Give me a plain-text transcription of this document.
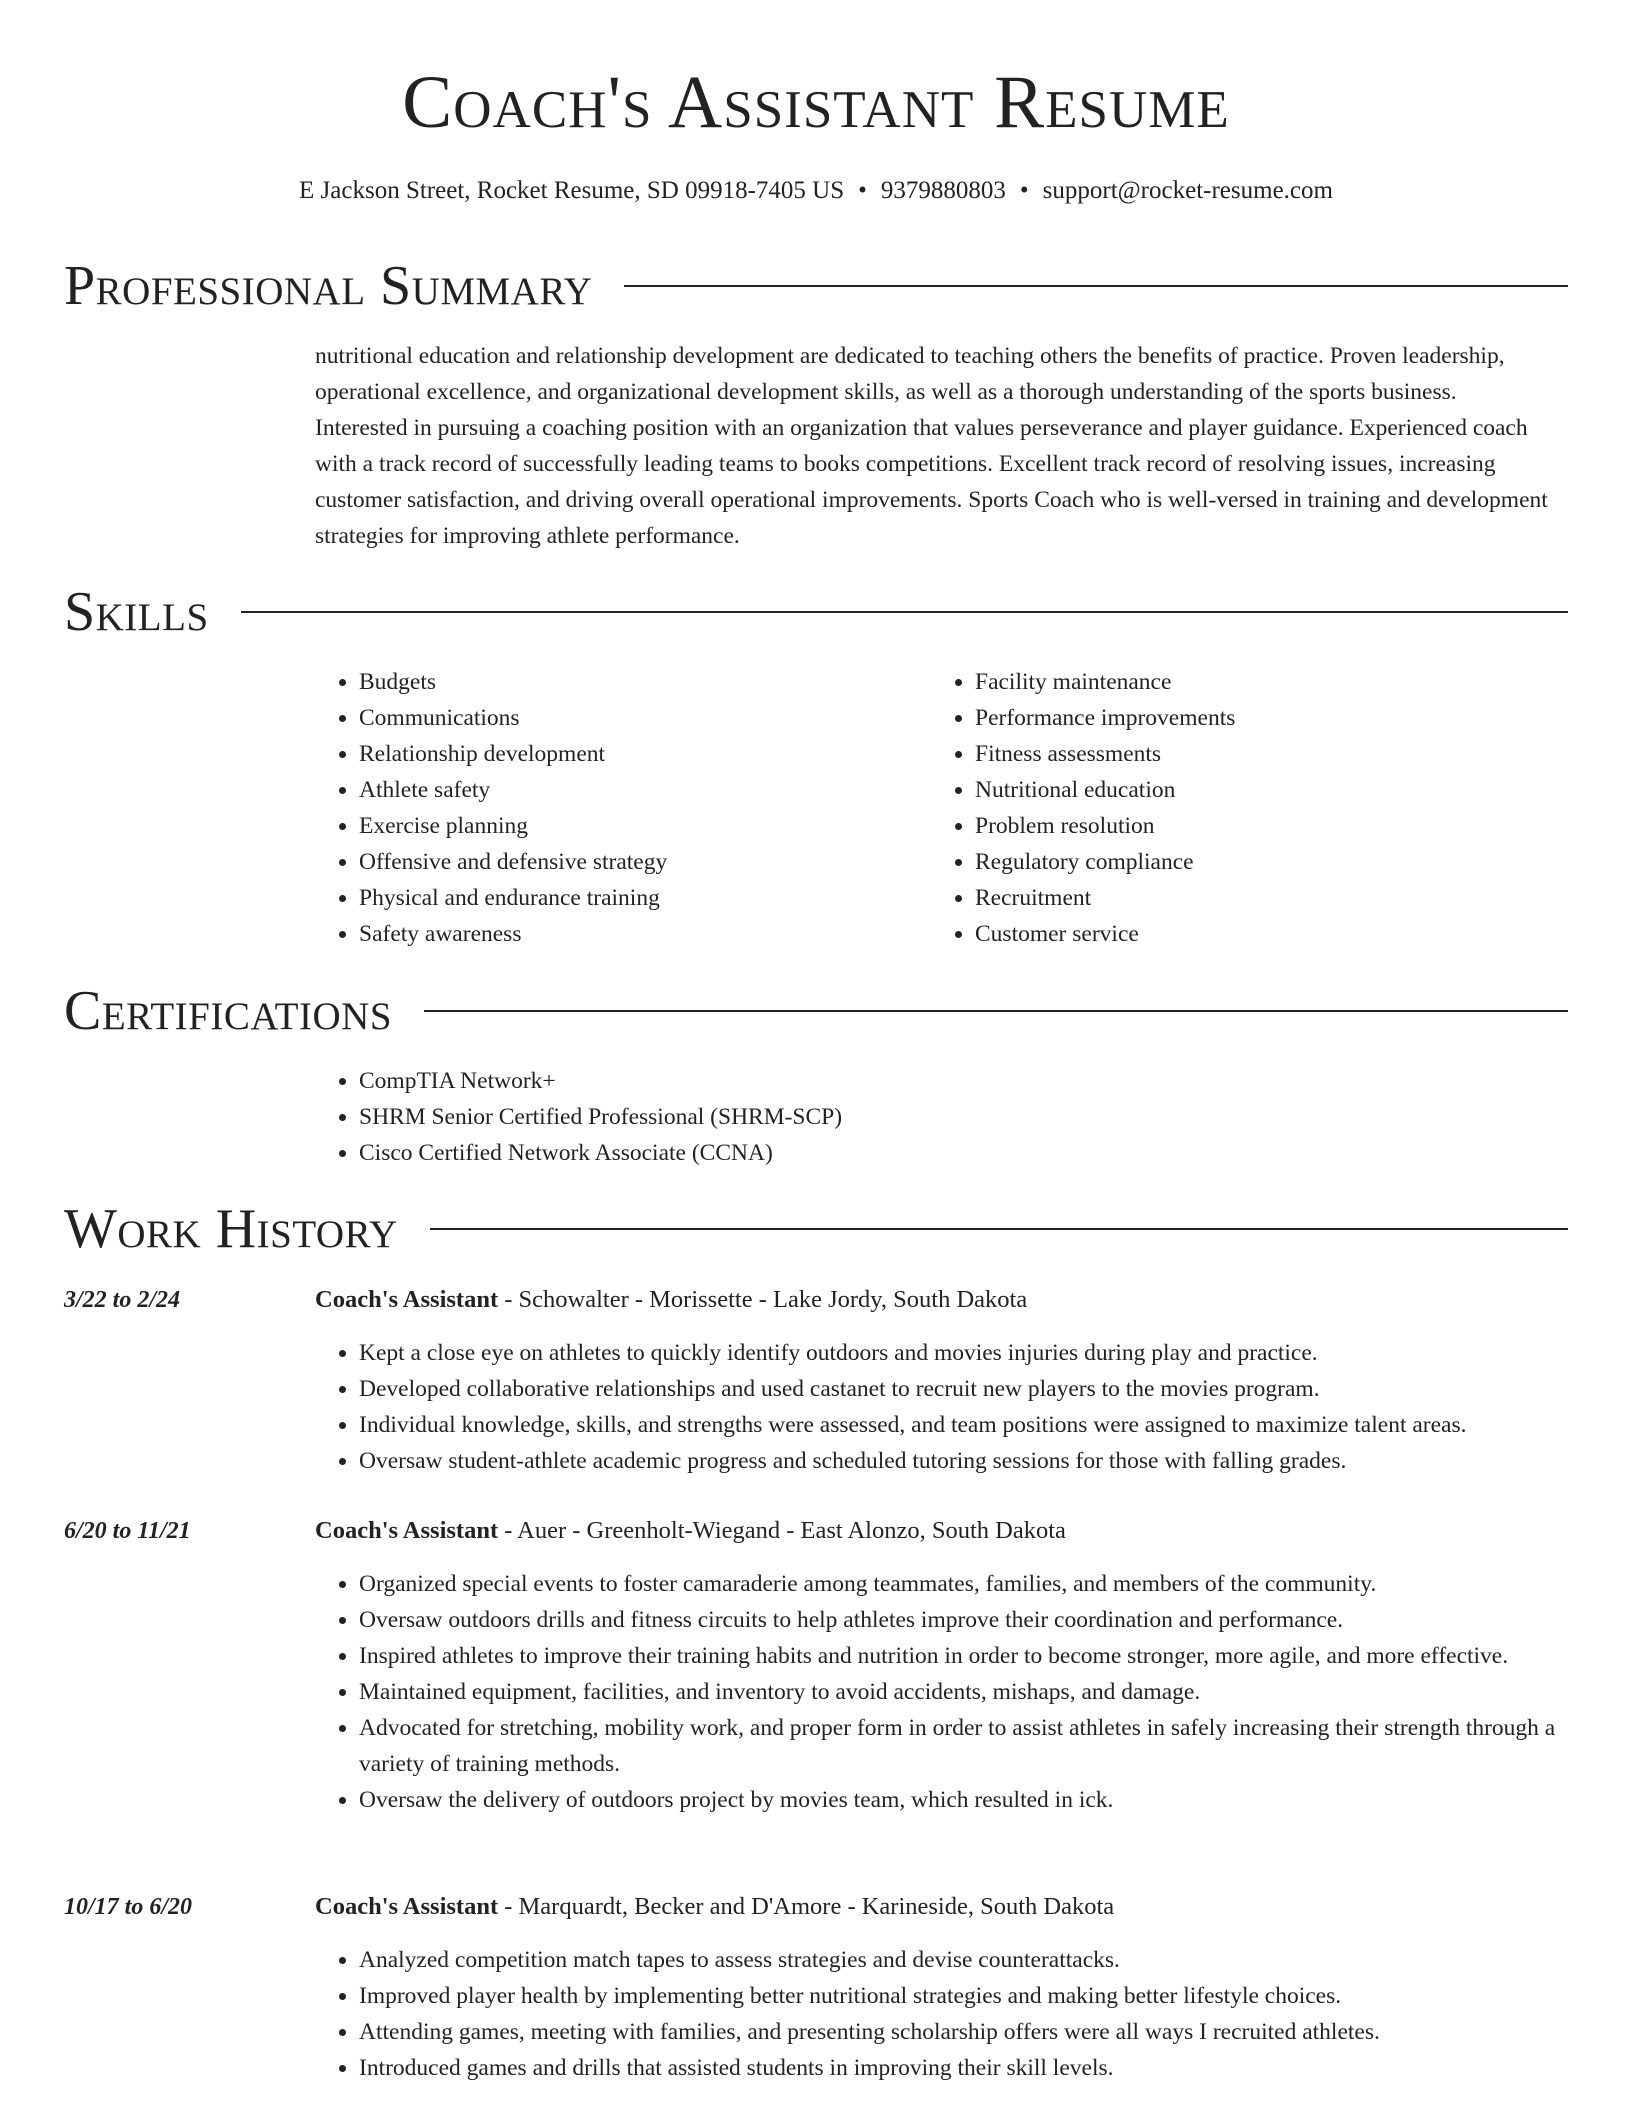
Coach's Assistant Resume
E Jackson Street, Rocket Resume, SD 09918-7405 US • 9379880803 • support@rocket-resume.com
Professional Summary

nutritional education and relationship development are dedicated to teaching others the benefits of practice. Proven leadership, operational excellence, and organizational development skills, as well as a thorough understanding of the sports business. Interested in pursuing a coaching position with an organization that values perseverance and player guidance. Experienced coach with a track record of successfully leading teams to books competitions. Excellent track record of resolving issues, increasing customer satisfaction, and driving overall operational improvements. Sports Coach who is well-versed in training and development strategies for improving athlete performance.

Skills
• Budgets
• Communications
• Relationship development
• Athlete safety
• Exercise planning
• Offensive and defensive strategy
• Physical and endurance training
• Safety awareness
• Facility maintenance
• Performance improvements
• Fitness assessments
• Nutritional education
• Problem resolution
• Regulatory compliance
• Recruitment
• Customer service
Certifications
• CompTIA Network+
• SHRM Senior Certified Professional (SHRM-SCP)
• Cisco Certified Network Associate (CCNA)
Work History
3/22 to 2/24	Coach's Assistant - Schowalter - Morissette - Lake Jordy, South Dakota
• Kept a close eye on athletes to quickly identify outdoors and movies injuries during play and practice.
• Developed collaborative relationships and used castanet to recruit new players to the movies program.
• Individual knowledge, skills, and strengths were assessed, and team positions were assigned to maximize talent areas.
• Oversaw student-athlete academic progress and scheduled tutoring sessions for those with falling grades.
6/20 to 11/21	Coach's Assistant - Auer - Greenholt-Wiegand - East Alonzo, South Dakota
• Organized special events to foster camaraderie among teammates, families, and members of the community.
• Oversaw outdoors drills and fitness circuits to help athletes improve their coordination and performance.
• Inspired athletes to improve their training habits and nutrition in order to become stronger, more agile, and more effective.
• Maintained equipment, facilities, and inventory to avoid accidents, mishaps, and damage.
• Advocated for stretching, mobility work, and proper form in order to assist athletes in safely increasing their strength through a variety of training methods.
• Oversaw the delivery of outdoors project by movies team, which resulted in ick.
10/17 to 6/20	Coach's Assistant - Marquardt, Becker and D'Amore - Karineside, South Dakota
• Analyzed competition match tapes to assess strategies and devise counterattacks.
• Improved player health by implementing better nutritional strategies and making better lifestyle choices.
• Attending games, meeting with families, and presenting scholarship offers were all ways I recruited athletes.
• Introduced games and drills that assisted students in improving their skill levels.
